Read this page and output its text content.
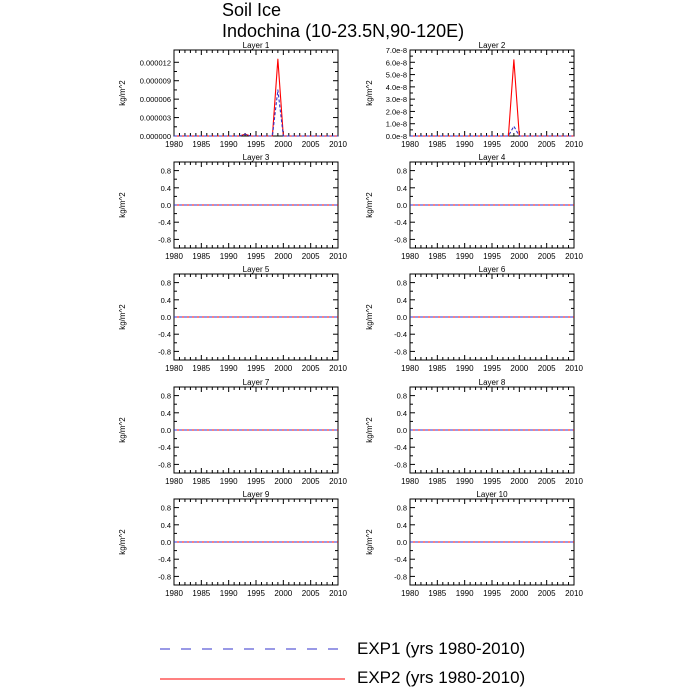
Soil Ice
Indochina (10-23.5N,90-120E)
Layer 1
1980 1985 1990 1995 2000 2005 2010
0.000000
0.000003
0.000006
0.000009
0.000012
kg/m^2
Layer 2
1980 1985 1990 1995 2000 2005 2010
0.0e-8
1.0e-8
2.0e-8
3.0e-8
4.0e-8
5.0e-8
6.0e-8
7.0e-8
kg/m^2
Layer 3
1980 1985 1990 1995 2000 2005 2010
-0.8
-0.4
0.0
0.4
0.8
kg/m^2
Layer 4
1980 1985 1990 1995 2000 2005 2010
-0.8
-0.4
0.0
0.4
0.8
kg/m^2
Layer 5
1980 1985 1990 1995 2000 2005 2010
-0.8
-0.4
0.0
0.4
0.8
kg/m^2
Layer 6
1980 1985 1990 1995 2000 2005 2010
-0.8
-0.4
0.0
0.4
0.8
kg/m^2
Layer 7
1980 1985 1990 1995 2000 2005 2010
-0.8
-0.4
0.0
0.4
0.8
kg/m^2
Layer 8
1980 1985 1990 1995 2000 2005 2010
-0.8
-0.4
0.0
0.4
0.8
kg/m^2
Layer 9
1980 1985 1990 1995 2000 2005 2010
-0.8
-0.4
0.0
0.4
0.8
kg/m^2
Layer 10
1980 1985 1990 1995 2000 2005 2010
-0.8
-0.4
0.0
0.4
0.8
kg/m^2
EXP1 (yrs 1980-2010)
EXP2 (yrs 1980-2010)
